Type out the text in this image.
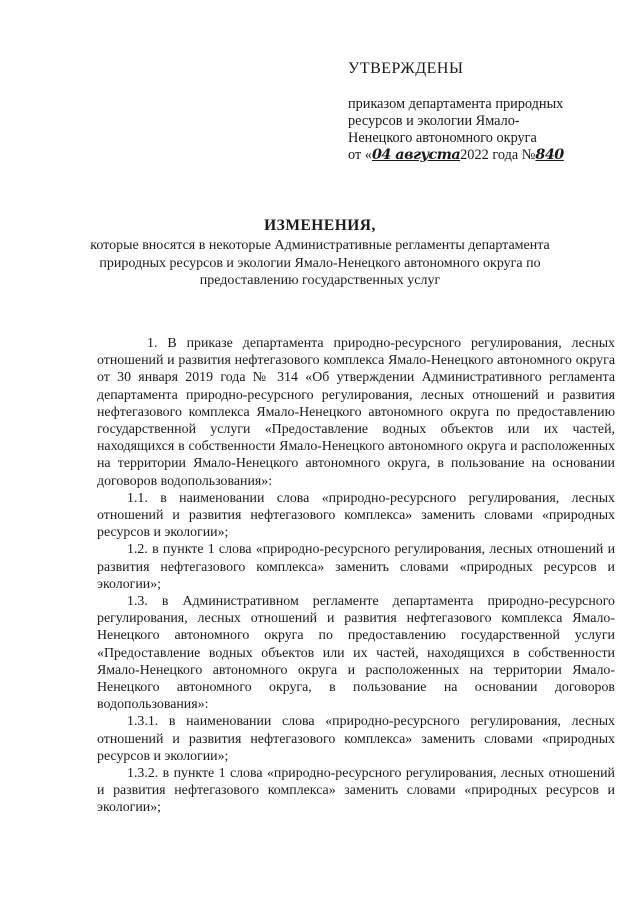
УТВЕРЖДЕНЫ
приказом департамента природных
ресурсов и экологии Ямало-
Ненецкого автономного округа
от «04 августа2022 года №840
ИЗМЕНЕНИЯ,
которые вносятся в некоторые Административные регламенты департамента природных ресурсов и экологии Ямало-Ненецкого автономного округа по предоставлению государственных услуг

1. В приказе департамента природно-ресурсного регулирования, лесных отношений и развития нефтегазового комплекса Ямало-Ненецкого автономного округа от 30 января 2019 года № 314 «Об утверждении Административного регламента департамента природно-ресурсного регулирования, лесных отношений и развития нефтегазового комплекса Ямало-Ненецкого автономного округа по предоставлению государственной услуги «Предоставление водных объектов или их частей, находящихся в собственности Ямало-Ненецкого автономного округа и расположенных на территории Ямало-Ненецкого автономного округа, в пользование на основании договоров водопользования»:

1.1. в наименовании слова «природно-ресурсного регулирования, лесных отношений и развития нефтегазового комплекса» заменить словами «природных ресурсов и экологии»;

1.2. в пункте 1 слова «природно-ресурсного регулирования, лесных отношений и развития нефтегазового комплекса» заменить словами «природных ресурсов и экологии»;

1.3. в Административном регламенте департамента природно-ресурсного регулирования, лесных отношений и развития нефтегазового комплекса Ямало-Ненецкого автономного округа по предоставлению государственной услуги «Предоставление водных объектов или их частей, находящихся в собственности Ямало-Ненецкого автономного округа и расположенных на территории Ямало-Ненецкого автономного округа, в пользование на основании договоров водопользования»:

1.3.1. в наименовании слова «природно-ресурсного регулирования, лесных отношений и развития нефтегазового комплекса» заменить словами «природных ресурсов и экологии»;

1.3.2. в пункте 1 слова «природно-ресурсного регулирования, лесных отношений и развития нефтегазового комплекса» заменить словами «природных ресурсов и экологии»;
